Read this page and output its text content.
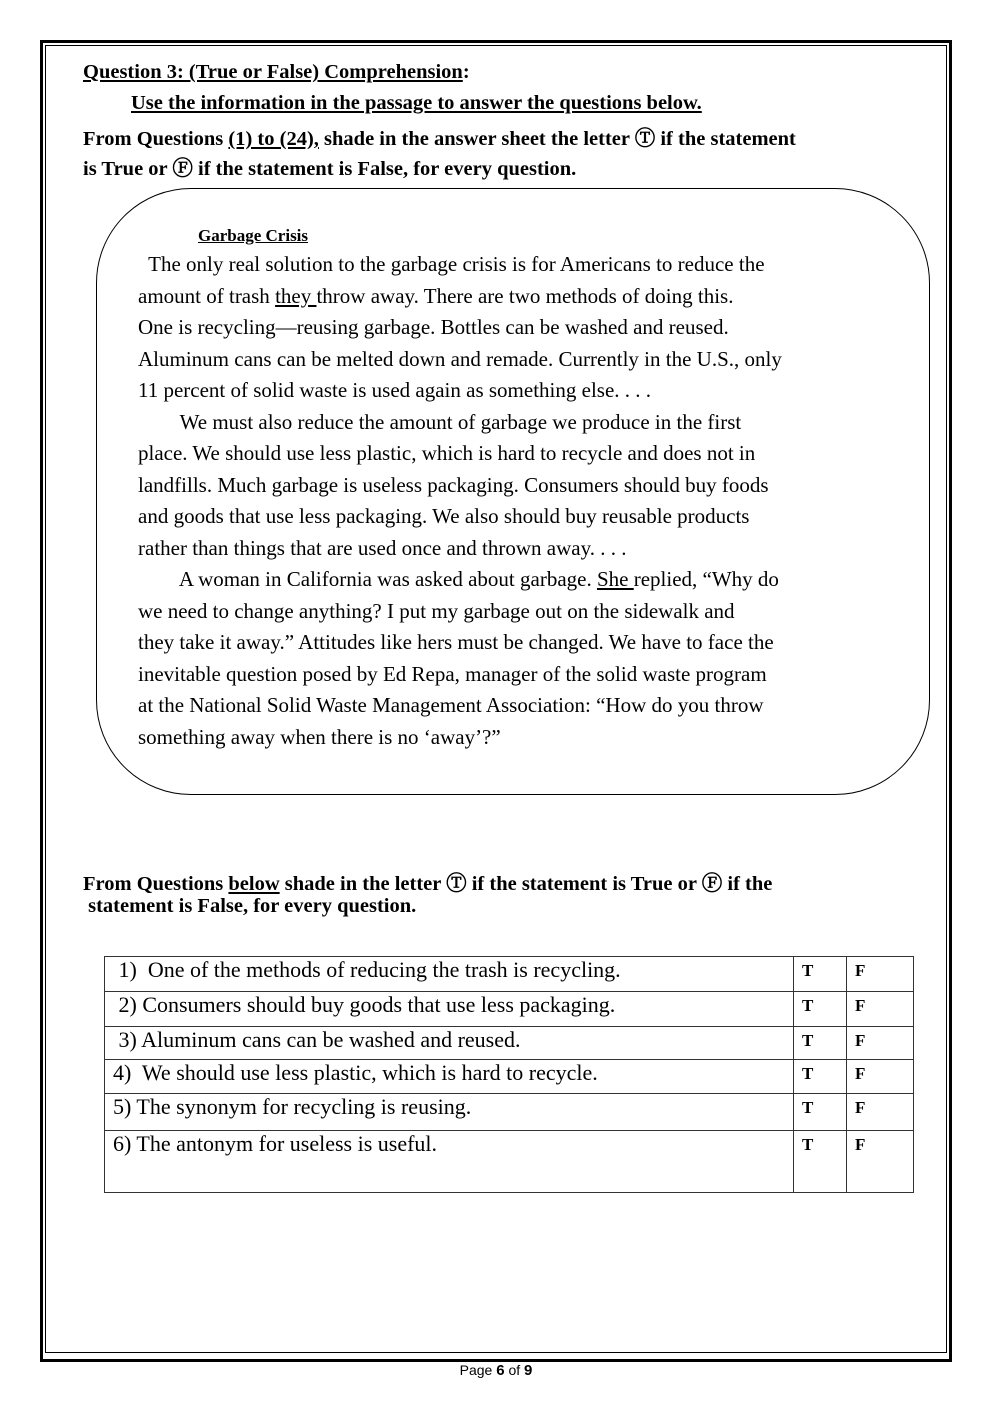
Question 3: (True or False) Comprehension:
Use the information in the passage to answer the questions below.
From Questions (1) to (24), shade in the answer sheet the letter Ⓣ if the statement
is True or Ⓕ if the statement is False, for every question.
Garbage Crisis
The only real solution to the garbage crisis is for Americans to reduce the
amount of trash they throw away. There are two methods of doing this.
One is recycling—reusing garbage. Bottles can be washed and reused.
Aluminum cans can be melted down and remade. Currently in the U.S., only
11 percent of solid waste is used again as something else. . . .
We must also reduce the amount of garbage we produce in the first
place. We should use less plastic, which is hard to recycle and does not in
landfills. Much garbage is useless packaging. Consumers should buy foods
and goods that use less packaging. We also should buy reusable products
rather than things that are used once and thrown away. . . .
A woman in California was asked about garbage. She replied, “Why do
we need to change anything? I put my garbage out on the sidewalk and
they take it away.” Attitudes like hers must be changed. We have to face the
inevitable question posed by Ed Repa, manager of the solid waste program
at the National Solid Waste Management Association: “How do you throw
something away when there is no ‘away’?”
From Questions below shade in the letter Ⓣ if the statement is True or Ⓕ if the
statement is False, for every question.
1)  One of the methods of reducing the trash is recycling.	T	F
2) Consumers should buy goods that use less packaging.	T	F
3) Aluminum cans can be washed and reused.	T	F
4)  We should use less plastic, which is hard to recycle.	T	F
5) The synonym for recycling is reusing.	T	F
6) The antonym for useless is useful.	T	F
Page 6 of 9
